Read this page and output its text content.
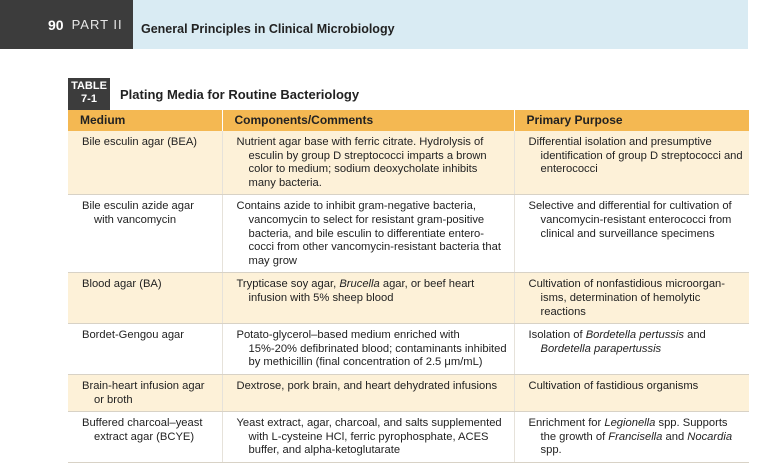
90 PART II General Principles in Clinical Microbiology
TABLE
7-1	Plating Media for Routine Bacteriology
Medium	Components/Comments	Primary Purpose

Bile esculin agar (BEA)	Nutrient agar base with ferric citrate. Hydrolysis of esculin by group D streptococci imparts a brown color to medium; sodium deoxycholate inhibits many bacteria.	Differential isolation and presumptive identification of group D streptococci and enterococci

Bile esculin azide agar with vancomycin	Contains azide to inhibit gram-negative bacteria, vancomycin to select for resistant gram-positive bacteria, and bile esculin to differentiate entero-cocci from other vancomycin-resistant bacteria that may grow	Selective and differential for cultivation of vancomycin-resistant enterococci from clinical and surveillance specimens

Blood agar (BA)	Trypticase soy agar, Brucella agar, or beef heart infusion with 5% sheep blood	Cultivation of nonfastidious microorgan-isms, determination of hemolytic reactions

Bordet-Gengou agar	Potato-glycerol–based medium enriched with 15%-20% defibrinated blood; contaminants inhibited by methicillin (final concentration of 2.5 μm/mL)	Isolation of Bordetella pertussis and Bordetella parapertussis

Brain-heart infusion agar or broth	Dextrose, pork brain, and heart dehydrated infusions	Cultivation of fastidious organisms

Buffered charcoal–yeast extract agar (BCYE)	Yeast extract, agar, charcoal, and salts supplemented with L-cysteine HCl, ferric pyrophosphate, ACES buffer, and alpha-ketoglutarate	Enrichment for Legionella spp. Supports the growth of Francisella and Nocardia spp.
